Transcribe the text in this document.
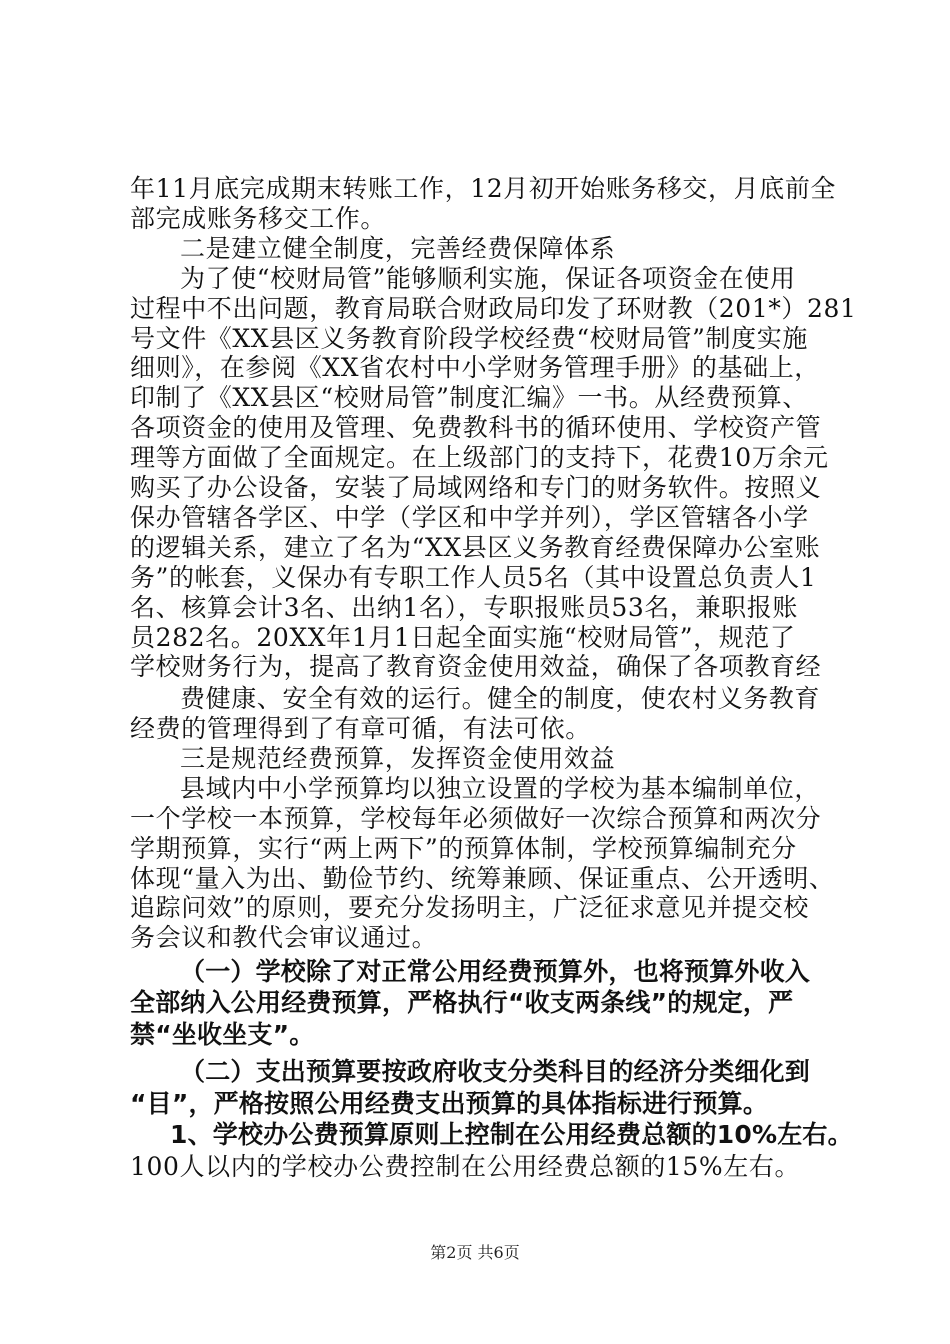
年11月底完成期末转账工作，12月初开始账务移交，月底前全
部完成账务移交工作。
二是建立健全制度，完善经费保障体系
为了使“校财局管”能够顺利实施，保证各项资金在使用
过程中不出问题，教育局联合财政局印发了环财教（201*）281
号文件《XX县区义务教育阶段学校经费“校财局管”制度实施
细则》，在参阅《XX省农村中小学财务管理手册》的基础上，
印制了《XX县区“校财局管”制度汇编》一书。从经费预算、
各项资金的使用及管理、免费教科书的循环使用、学校资产管
理等方面做了全面规定。在上级部门的支持下，花费10万余元
购买了办公设备，安装了局域网络和专门的财务软件。按照义
保办管辖各学区、中学（学区和中学并列），学区管辖各小学
的逻辑关系，建立了名为“XX县区义务教育经费保障办公室账
务”的帐套，义保办有专职工作人员5名（其中设置总负责人1
名、核算会计3名、出纳1名），专职报账员53名，兼职报账
员282名。20XX年1月1日起全面实施“校财局管”，规范了
学校财务行为，提高了教育资金使用效益，确保了各项教育经
费健康、安全有效的运行。健全的制度，使农村义务教育
经费的管理得到了有章可循，有法可依。
三是规范经费预算，发挥资金使用效益
县域内中小学预算均以独立设置的学校为基本编制单位，
一个学校一本预算，学校每年必须做好一次综合预算和两次分
学期预算，实行“两上两下”的预算体制，学校预算编制充分
体现“量入为出、勤俭节约、统筹兼顾、保证重点、公开透明、
追踪问效”的原则，要充分发扬明主，广泛征求意见并提交校
务会议和教代会审议通过。
（一）学校除了对正常公用经费预算外，也将预算外收入
全部纳入公用经费预算，严格执行“收支两条线”的规定，严
禁“坐收坐支”。
（二）支出预算要按政府收支分类科目的经济分类细化到
“目”，严格按照公用经费支出预算的具体指标进行预算。
1、学校办公费预算原则上控制在公用经费总额的10%左右。
100人以内的学校办公费控制在公用经费总额的15%左右。
第2页 共6页
